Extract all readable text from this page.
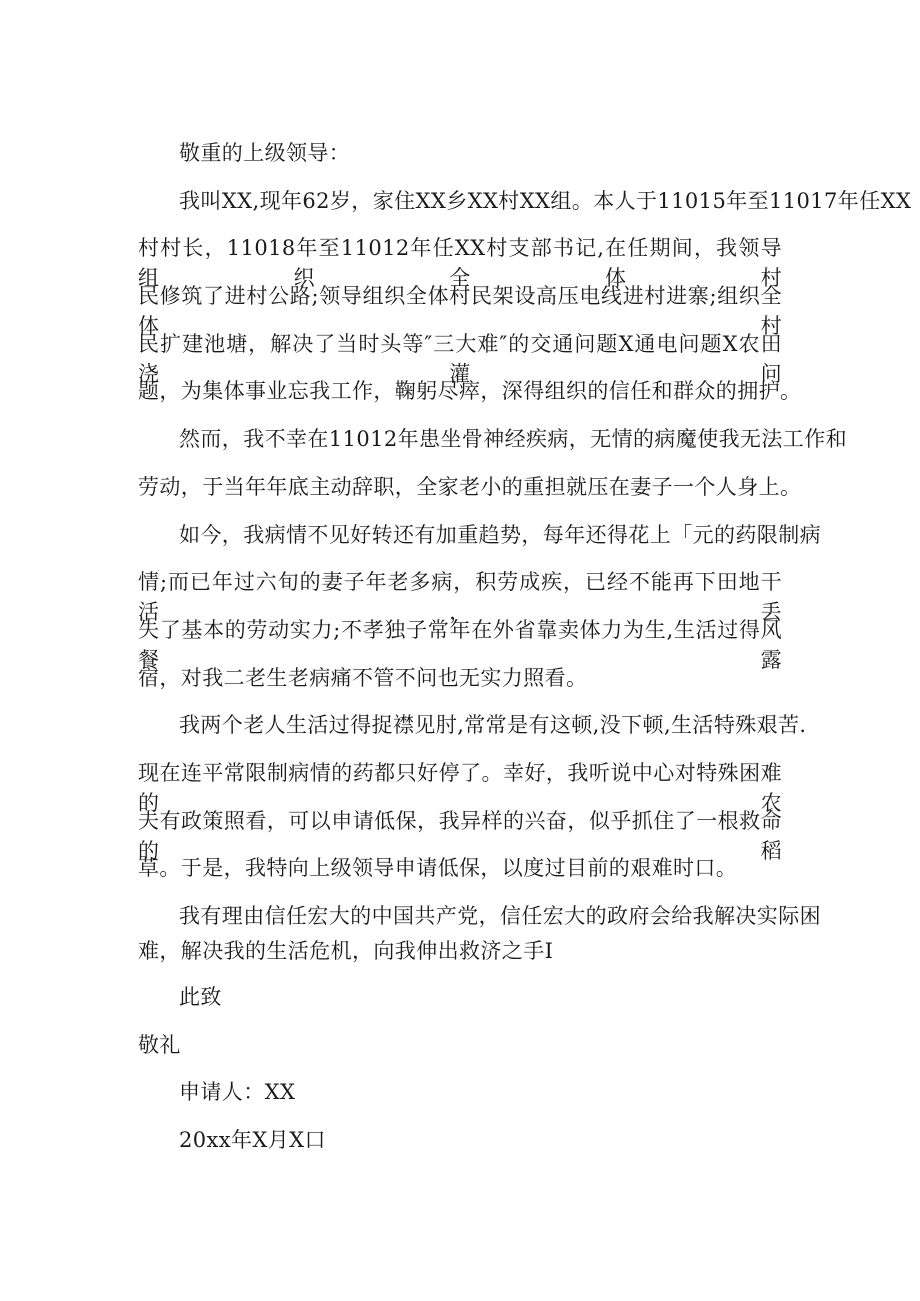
敬重的上级领导：
我叫XX,现年62岁，家住XX乡XX村XX组。本人于11015年至11017年任XX
村村长，11018年至11012年任XX村支部书记,在任期间，我领导组织全体村
民修筑了进村公路;领导组织全体村民架设高压电线进村进寨;组织全体村
民扩建池塘，解决了当时头等″三大难″的交通问题X通电问题X农田浇灌问
题，为集体事业忘我工作，鞠躬尽瘁，深得组织的信任和群众的拥护。
然而，我不幸在11012年患坐骨神经疾病，无情的病魔使我无法工作和
劳动，于当年年底主动辞职，全家老小的重担就压在妻子一个人身上。
如今，我病情不见好转还有加重趋势，每年还得花上「元的药限制病
情;而已年过六旬的妻子年老多病，积劳成疾，已经不能再下田地干活，丢
失了基本的劳动实力;不孝独子常年在外省靠卖体力为生,生活过得风餐露
宿，对我二老生老病痛不管不问也无实力照看。
我两个老人生活过得捉襟见肘,常常是有这顿,没下顿,生活特殊艰苦.
现在连平常限制病情的药都只好停了。幸好，我听说中心对特殊困难的农
夫有政策照看，可以申请低保，我异样的兴奋，似乎抓住了一根救命的稻
草。于是，我特向上级领导申请低保，以度过目前的艰难时口。
我有理由信任宏大的中国共产党，信任宏大的政府会给我解决实际困
难，解决我的生活危机，向我伸出救济之手I
此致
敬礼
申请人：XX
20xx年X月X口
